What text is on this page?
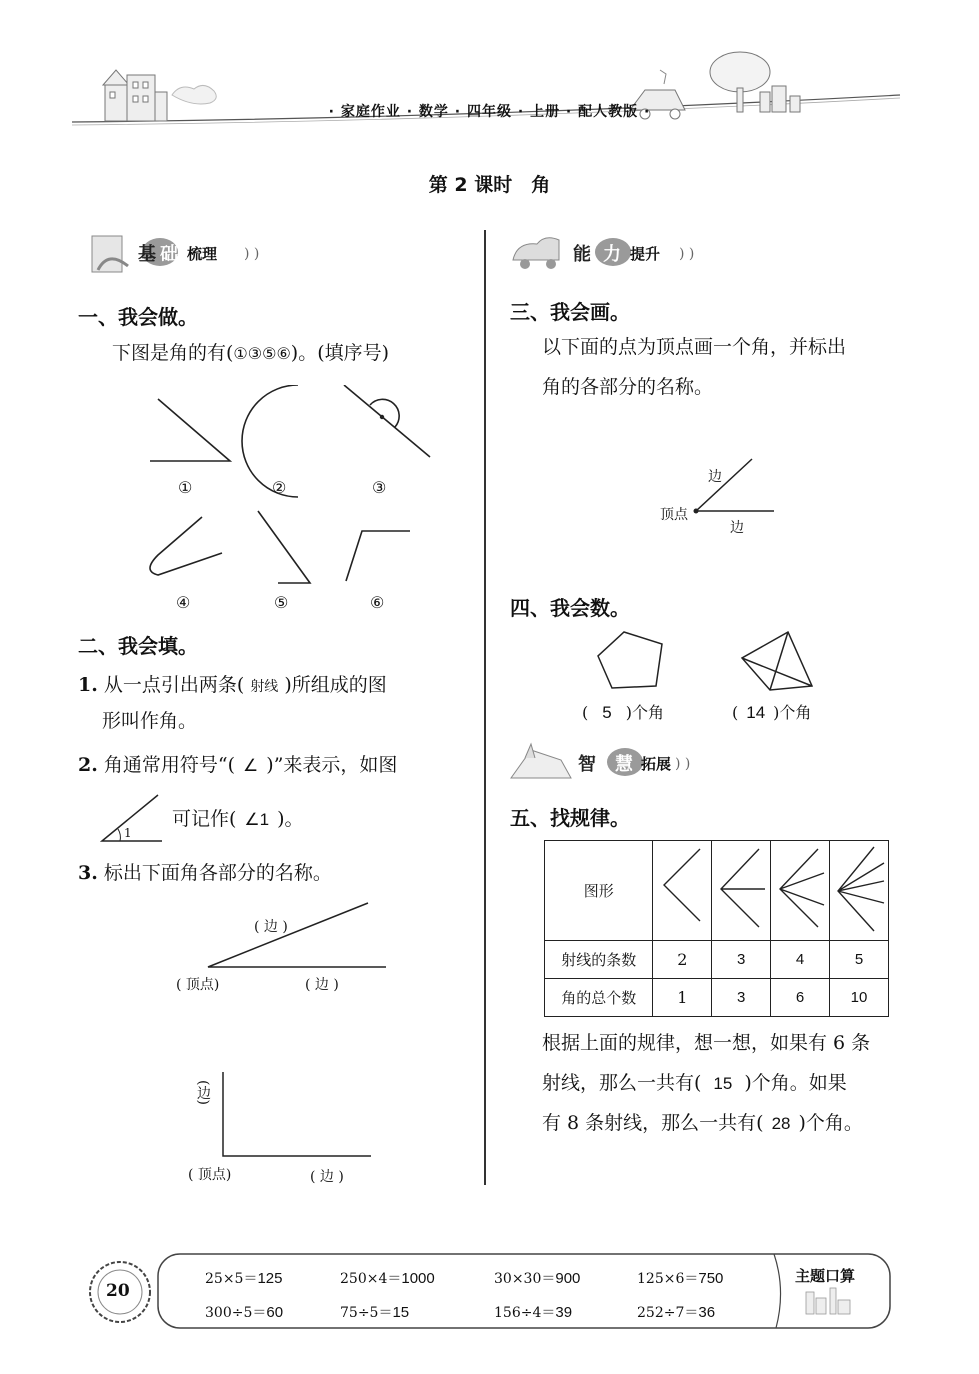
· 家庭作业 · 数学 · 四年级 · 上册 · 配人教版 ·
第 2 课时　角
) )
基 础 梳理
一、我会做。
下图是角的有(①③⑤⑥)。(填序号)
①	②	③
④	⑤	⑥
二、我会填。
1. 从一点引出两条( 射线 )所组成的图
形叫作角。
2. 角通常用符号“( ∠ )”来表示，如图
1
可记作( ∠1 )。
3. 标出下面角各部分的名称。
( 边 )
( 顶点)	( 边 )
(边)
( 顶点)	( 边 )
) )
能 力 提升
三、我会画。
以下面的点为顶点画一个角，并标出
角的各部分的名称。
边
顶点
边
四、我会数。
( 5 )个角	( 14 )个角
) )
智 慧 拓展
五、找规律。
图形				
射线的条数	2	3	4	5
角的总个数	1	3	6	10
根据上面的规律，想一想，如果有 6 条
射线，那么一共有( 15 )个角。如果
有 8 条射线，那么一共有( 28 )个角。
20
主题口算
25×5＝125	250×4＝1000	30×30＝900	125×6＝750
300÷5＝60	75÷5＝15	156÷4＝39	252÷7＝36
